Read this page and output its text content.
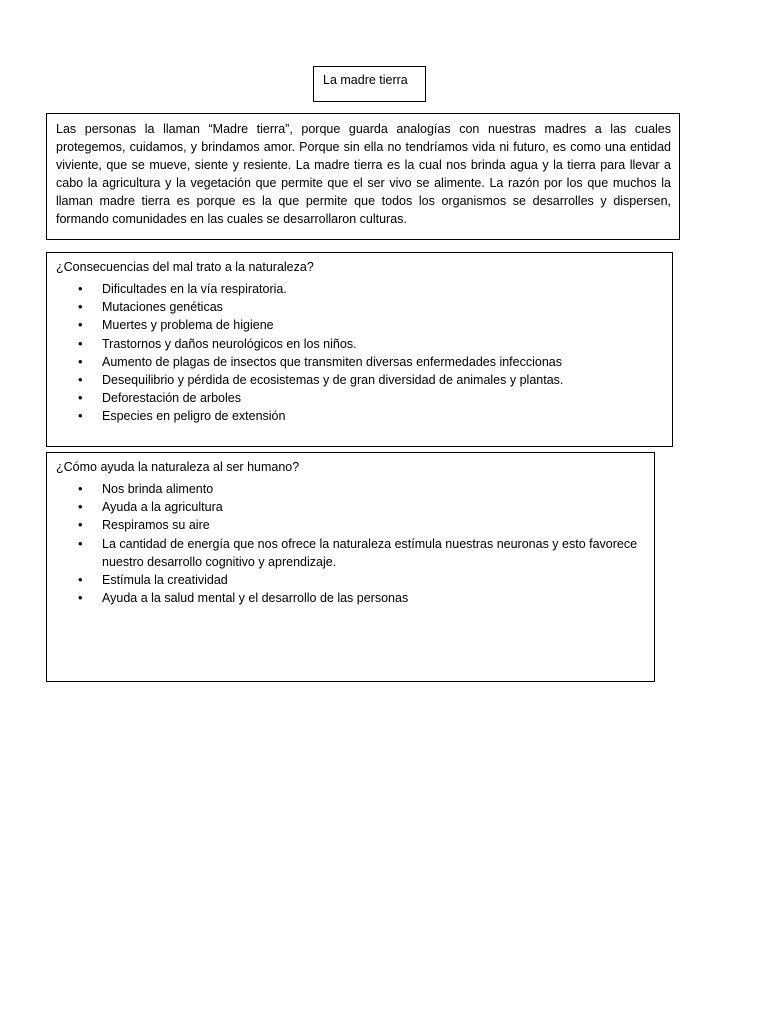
La madre tierra

Las personas la llaman “Madre tierra”, porque guarda analogías con nuestras madres a las cuales protegemos, cuidamos, y brindamos amor. Porque sin ella no tendríamos vida ni futuro, es como una entidad viviente, que se mueve, siente y resiente. La madre tierra es la cual nos brinda agua y la tierra para llevar a cabo la agricultura y la vegetación que permite que el ser vivo se alimente. La razón por los que muchos la llaman madre tierra es porque es la que permite que todos los organismos se desarrolles y dispersen, formando comunidades en las cuales se desarrollaron culturas.

¿Consecuencias del mal trato a la naturaleza?
• Dificultades en la vía respiratoria.
• Mutaciones genéticas
• Muertes y problema de higiene
• Trastornos y daños neurológicos en los niños.
• Aumento de plagas de insectos que transmiten diversas enfermedades infeccionas
• Desequilibrio y pérdida de ecosistemas y de gran diversidad de animales y plantas.
• Deforestación de arboles
• Especies en peligro de extensión
¿Cómo ayuda la naturaleza al ser humano?
• Nos brinda alimento
• Ayuda a la agricultura
• Respiramos su aire
• La cantidad de energía que nos ofrece la naturaleza estímula nuestras neuronas y esto favorece nuestro desarrollo cognitivo y aprendizaje.
• Estímula la creatividad
• Ayuda a la salud mental y el desarrollo de las personas
